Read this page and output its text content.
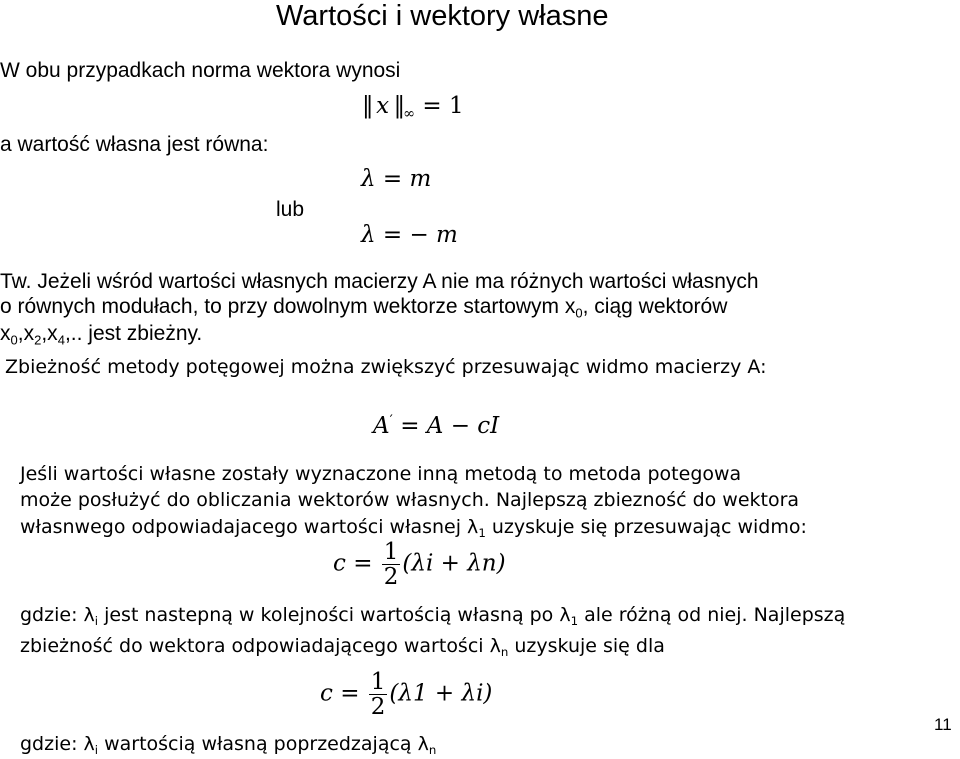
Wartości i wektory własne
W obu przypadkach norma wektora wynosi
‖  x  $‖_\infty = 1$
a wartość własna jest równa:
λ = m
lub
λ = − m
Tw. Jeżeli wśród wartości własnych macierzy A nie ma różnych wartości własnych
o równych modułach, to przy dowolnym wektorze startowym $x_0$, ciąg wektorów
$x_0,x_2,x_4$,.. jest zbieżny.
Zbieżność metody potęgowej można zwiększyć przesuwając widmo macierzy A:
A′ = A − cI
Jeśli wartości własne zostały wyznaczone inną metodą to metoda potegowa
może posłużyć do obliczania wektorów własnych. Najlepszą zbiezność do wektora
własnwego odpowiadajacego wartości własnej $\lambda_1$ uzyskuje się przesuwając widmo:
$c = \frac{1}{2} (\lambda i + \lambda n)$
gdzie: $\lambda_i$ jest nastepną w kolejności wartością własną po $\lambda_1$ ale różną od niej. Najlepszą
zbieżność do wektora odpowiadającego wartości $\lambda_n$ uzyskuje się dla
$c = \frac{1}{2} (\lambda 1 + \lambda i)$
gdzie: $\lambda_i$ wartością własną poprzedzającą $\lambda_n$
11
